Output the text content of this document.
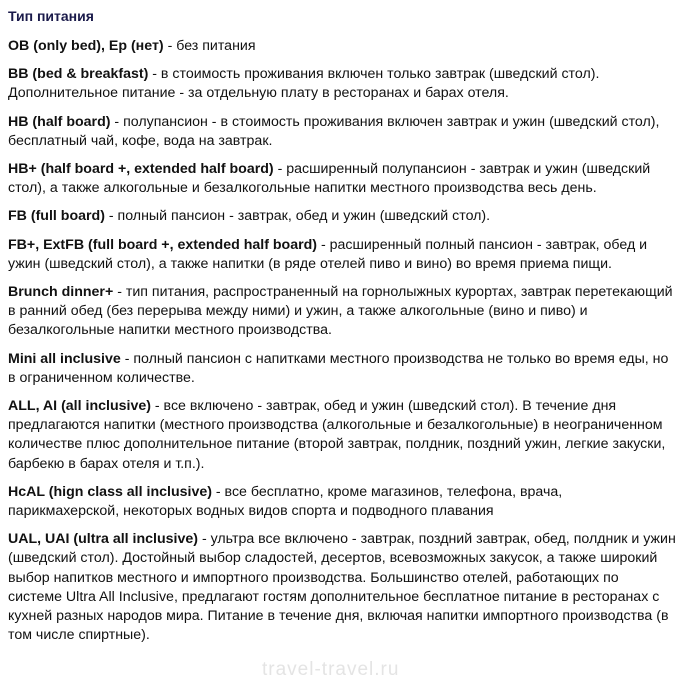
Тип питания

OB (only bed), Ep (нет) - без питания

BB (bed & breakfast) - в стоимость проживания включен только завтрак (шведский стол). Дополнительное питание - за отдельную плату в ресторанах и барах отеля.

HB (half board) - полупансион - в стоимость проживания включен завтрак и ужин (шведский стол), бесплатный чай, кофе, вода на завтрак.

HB+ (half board +, extended half board) - расширенный полупансион - завтрак и ужин (шведский стол), а также алкогольные и безалкогольные напитки местного производства весь день.

FB (full board) - полный пансион - завтрак, обед и ужин (шведский стол).

FB+, ExtFB (full board +, extended half board) - расширенный полный пансион - завтрак, обед и ужин (шведский стол), а также напитки (в ряде отелей пиво и вино) во время приема пищи.

Brunch dinner+ - тип питания, распространенный на горнолыжных курортах, завтрак перетекающий в ранний обед (без перерыва между ними) и ужин, а также алкогольные (вино и пиво) и безалкогольные напитки местного производства.

Mini all inclusive - полный пансион с напитками местного производства не только во время еды, но в ограниченном количестве.

ALL, AI (all inclusive) - все включено - завтрак, обед и ужин (шведский стол). В течение дня предлагаются напитки (местного производства (алкогольные и безалкогольные) в неограниченном количестве плюс дополнительное питание (второй завтрак, полдник, поздний ужин, легкие закуски, барбекю в барах отеля и т.п.).

HcAL (hign class all inclusive) - все бесплатно, кроме магазинов, телефона, врача, парикмахерской, некоторых водных видов спорта и подводного плавания

UAL, UAI (ultra all inclusive) - ультра все включено - завтрак, поздний завтрак, обед, полдник и ужин (шведский стол). Достойный выбор сладостей, десертов, всевозможных закусок, а также широкий выбор напитков местного и импортного производства. Большинство отелей, работающих по системе Ultra All Inclusive, предлагают гостям дополнительное бесплатное питание в ресторанах с кухней разных народов мира. Питание в течение дня, включая напитки импортного производства (в том числе спиртные).

travel-travel.ru
